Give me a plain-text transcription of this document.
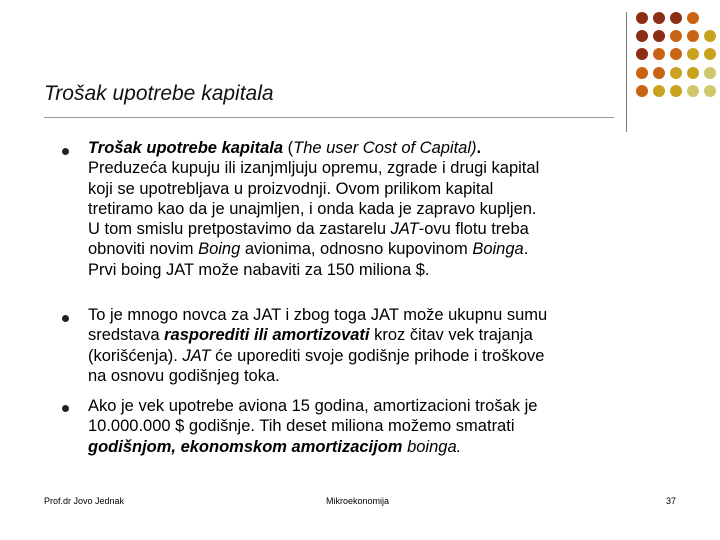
Trošak upotrebe kapitala
Trošak upotrebe kapitala (The user Cost of Capital).
Preduzeća kupuju ili izanjmljuju opremu, zgrade i drugi kapital
koji se upotrebljava u proizvodnji. Ovom prilikom kapital
tretiramo kao da je unajmljen, i onda kada je zapravo kupljen.
U tom smislu pretpostavimo da zastarelu JAT-ovu flotu treba
obnoviti novim Boing avionima, odnosno kupovinom Boinga.
Prvi boing JAT može nabaviti za 150 miliona $.
To je mnogo novca za JAT i zbog toga JAT može ukupnu sumu
sredstava rasporediti ili amortizovati kroz čitav vek trajanja
(korišćenja). JAT će uporediti svoje godišnje prihode i troškove
na osnovu godišnjeg toka.
Ako je vek upotrebe aviona 15 godina, amortizacioni trošak je
10.000.000 $ godišnje. Tih deset miliona možemo smatrati
godišnjom, ekonomskom amortizacijom boinga.
Prof.dr Jovo Jednak	Mikroekonomija	37
